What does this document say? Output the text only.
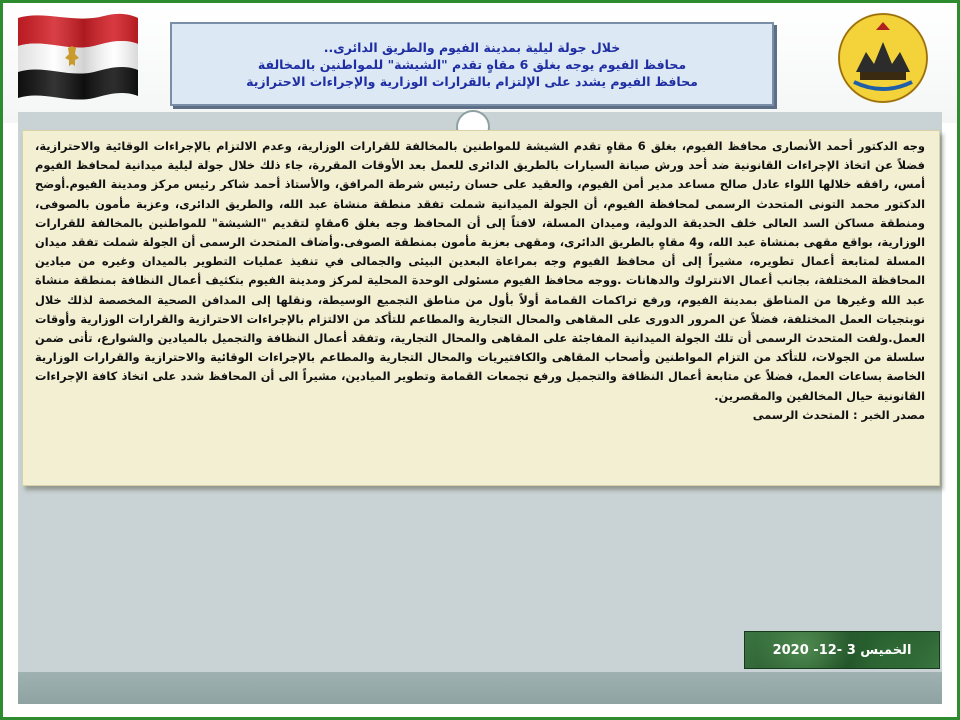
خلال جولة ليلية بمدينة الفيوم والطريق الدائرى..
محافظ الفيوم يوجه بغلق 6 مقاهٍ تقدم "الشيشة" للمواطنين بالمخالفة
محافظ الفيوم يشدد على الإلتزام بالقرارات الوزارية والإجراءات الاحترازية

وجه الدكتور أحمد الأنصارى محافظ الفيوم، بغلق 6 مقاهٍ تقدم الشيشة للمواطنين بالمخالفة للقرارات الوزارية، وعدم الالتزام بالإجراءات الوقائية والاحترازية، فضلاً عن اتخاذ الإجراءات القانونية ضد أحد ورش صيانة السيارات بالطريق الدائرى للعمل بعد الأوقات المقررة، جاء ذلك خلال جولة ليلية ميدانية لمحافظ الفيوم أمس، رافقه خلالها اللواء عادل صالح مساعد مدير أمن الفيوم، والعقيد على حسان رئيس شرطة المرافق، والأستاذ أحمد شاكر رئيس مركز ومدينة الفيوم.أوضح الدكتور محمد التونى المتحدث الرسمى لمحافظة الفيوم، أن الجولة الميدانية شملت تفقد منطقة منشاة عبد الله، والطريق الدائرى، وعزبة مأمون بالصوفى، ومنطقة مساكن السد العالى خلف الحديقة الدولية، وميدان المسلة، لافتاً إلى أن المحافظ وجه بغلق 6مقاهٍ لتقديم "الشيشة" للمواطنين بالمخالفة للقرارات الوزارية، بواقع مقهى بمنشاة عبد الله، و4 مقاهٍ بالطريق الدائرى، ومقهى بعزبة مأمون بمنطقة الصوفى.وأضاف المتحدث الرسمى أن الجولة شملت تفقد ميدان المسلة لمتابعة أعمال تطويره، مشيراً إلى أن محافظ الفيوم وجه بمراعاة البعدين البيئى والجمالى في تنفيذ عمليات التطوير بالميدان وغيره من ميادين المحافظة المختلفة، بجانب أعمال الانترلوك والدهانات .ووجه محافظ الفيوم مسئولى الوحدة المحلية لمركز ومدينة الفيوم بتكثيف أعمال النظافة بمنطقة منشاة عبد الله وغيرها من المناطق بمدينة الفيوم، ورفع تراكمات القمامة أولاً بأول من مناطق التجميع الوسيطة، ونقلها إلى المدافن الصحية المخصصة لذلك خلال نوبتجيات العمل المختلفة، فضلاً عن المرور الدورى على المقاهى والمحال التجارية والمطاعم للتأكد من الالتزام بالإجراءات الاحترازية والقرارات الوزارية وأوقات العمل.ولفت المتحدث الرسمى أن تلك الجولة الميدانية المفاجئة على المقاهى والمحال التجارية، وتفقد أعمال النظافة والتجميل بالميادين والشوارع، تأتى ضمن سلسلة من الجولات، للتأكد من التزام المواطنين وأصحاب المقاهى والكافتيريات والمحال التجارية والمطاعم بالإجراءات الوقائية والاحترازية والقرارات الوزارية الخاصة بساعات العمل، فضلاً عن متابعة أعمال النظافة والتجميل ورفع تجمعات القمامة وتطوير الميادين، مشيراً الى أن المحافظ شدد على اتخاذ كافة الإجراءات القانونية حيال المخالفين والمقصرين.

مصدر الخبر : المتحدث الرسمى

الخميس 3 -12- 2020
